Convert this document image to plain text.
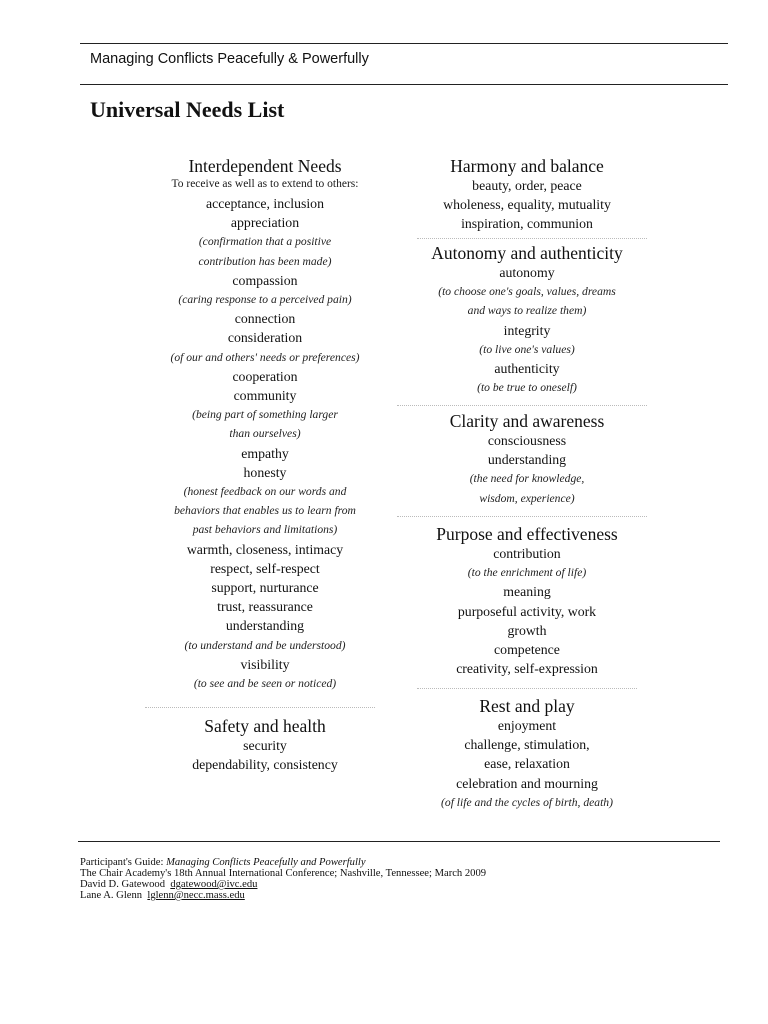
Managing Conflicts Peacefully & Powerfully
Universal Needs List
Interdependent Needs
To receive as well as to extend to others:
acceptance, inclusion
appreciation
(confirmation that a positive
contribution has been made)
compassion
(caring response to a perceived pain)
connection
consideration
(of our and others' needs or preferences)
cooperation
community
(being part of something larger
than ourselves)
empathy
honesty
(honest feedback on our words and
behaviors that enables us to learn from
past behaviors and limitations)
warmth, closeness, intimacy
respect, self-respect
support, nurturance
trust, reassurance
understanding
(to understand and be understood)
visibility
(to see and be seen or noticed)
Safety and health
security
dependability, consistency
Harmony and balance
beauty, order, peace
wholeness, equality, mutuality
inspiration, communion
Autonomy and authenticity
autonomy
(to choose one's goals, values, dreams
and ways to realize them)
integrity
(to live one's values)
authenticity
(to be true to oneself)
Clarity and awareness
consciousness
understanding
(the need for knowledge,
wisdom, experience)
Purpose and effectiveness
contribution
(to the enrichment of life)
meaning
purposeful activity, work
growth
competence
creativity, self-expression
Rest and play
enjoyment
challenge, stimulation,
ease, relaxation
celebration and mourning
(of life and the cycles of birth, death)
Participant's Guide: Managing Conflicts Peacefully and Powerfully
The Chair Academy's 18th Annual International Conference; Nashville, Tennessee; March 2009
David D. Gatewood dgatewood@ivc.edu
Lane A. Glenn lglenn@necc.mass.edu
